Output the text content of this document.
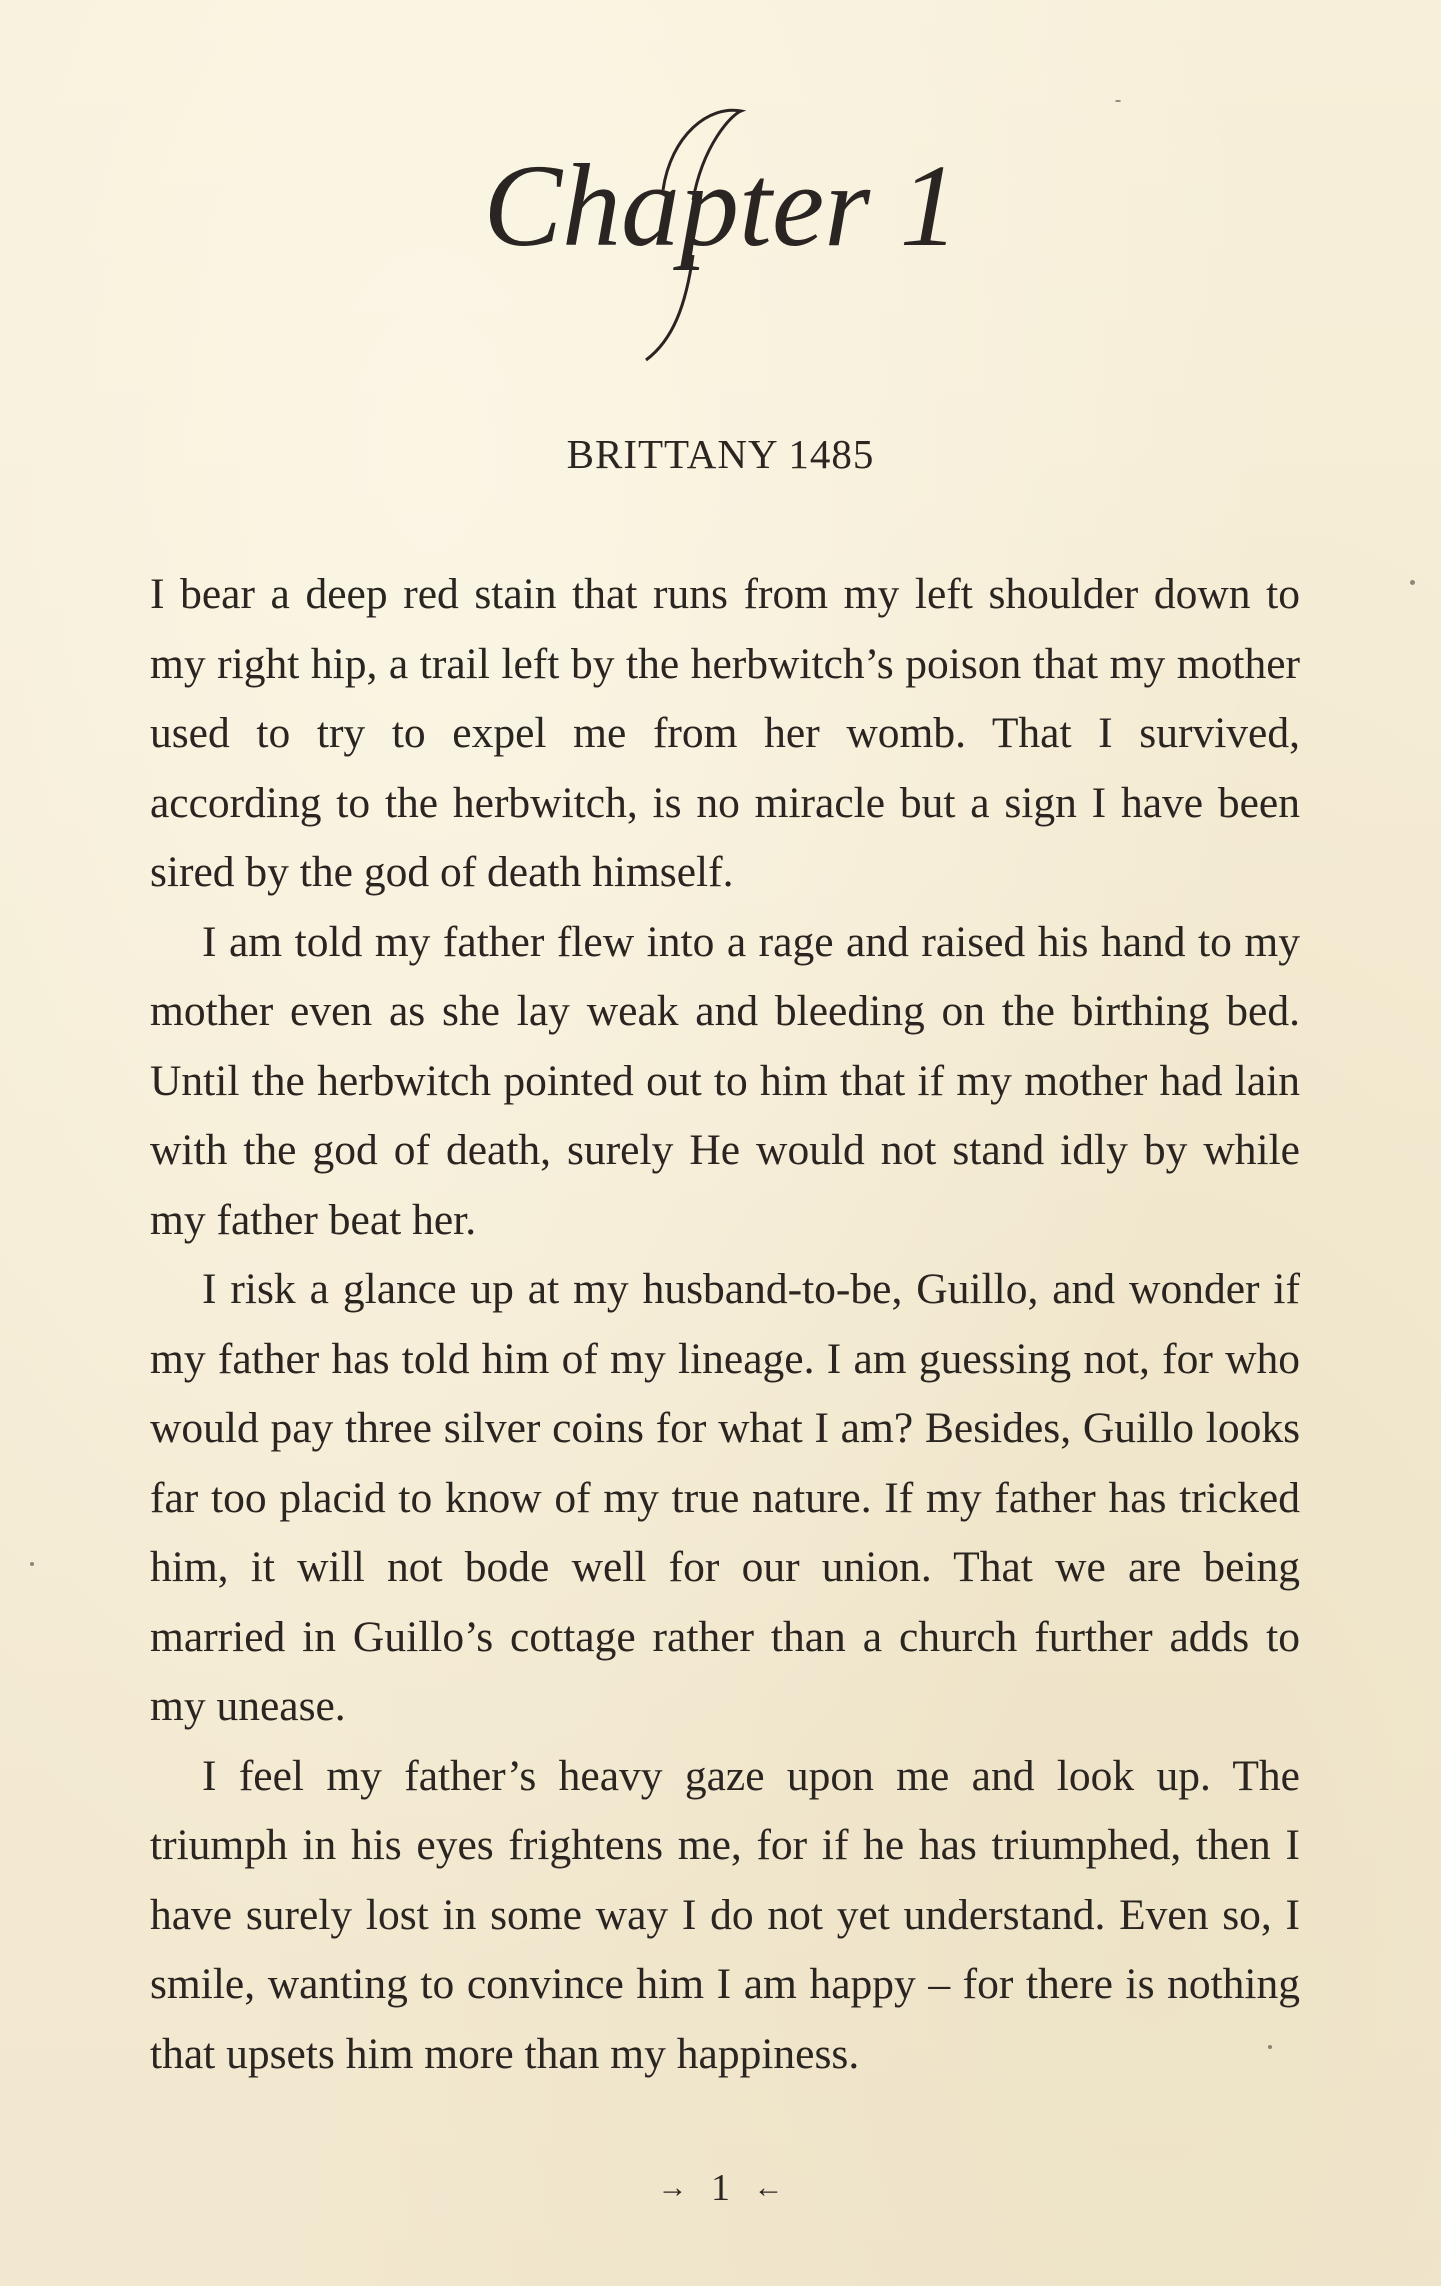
Chapter 1
BRITTANY 1485

I bear a deep red stain that runs from my left shoulder down to my right hip, a trail left by the herbwitch’s poison that my mother used to try to expel me from her womb. That I survived, according to the herbwitch, is no miracle but a sign I have been sired by the god of death himself.

I am told my father flew into a rage and raised his hand to my mother even as she lay weak and bleeding on the birthing bed. Until the herbwitch pointed out to him that if my mother had lain with the god of death, surely He would not stand idly by while my father beat her.

I risk a glance up at my husband-to-be, Guillo, and wonder if my father has told him of my lineage. I am guessing not, for who would pay three silver coins for what I am? Besides, Guillo looks far too placid to know of my true nature. If my father has tricked him, it will not bode well for our union. That we are being married in Guillo’s cottage rather than a church further adds to my unease.

I feel my father’s heavy gaze upon me and look up. The triumph in his eyes frightens me, for if he has triumphed, then I have surely lost in some way I do not yet understand. Even so, I smile, wanting to convince him I am happy – for there is nothing that upsets him more than my happiness.

→ 1 ←
